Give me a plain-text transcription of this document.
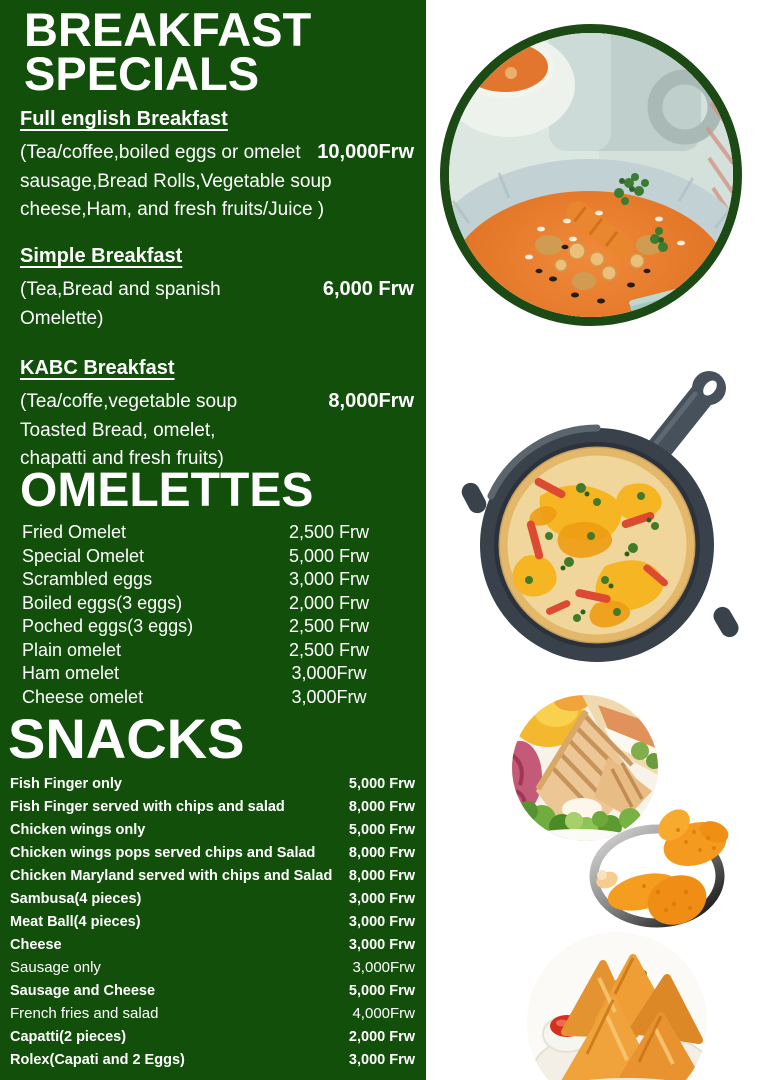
BREAKFAST
SPECIALS
Full english Breakfast
(Tea/coffee,boiled eggs or omelet
sausage,Bread Rolls,Vegetable soup
cheese,Ham, and fresh fruits/Juice )
10,000Frw
Simple Breakfast
(Tea,Bread and spanish
Omelette)
6,000 Frw
KABC Breakfast
(Tea/coffe,vegetable soup
Toasted Bread, omelet,
chapatti and fresh fruits)
8,000Frw
OMELETTES
Fried Omelet	2,500 Frw
Special Omelet	5,000 Frw
Scrambled eggs	3,000 Frw
Boiled eggs(3 eggs)	2,000 Frw
Poched eggs(3 eggs)	2,500 Frw
Plain omelet	2,500 Frw
Ham omelet	3,000Frw
Cheese omelet	3,000Frw
SNACKS
Fish Finger only	5,000 Frw
Fish Finger served with chips and salad	8,000 Frw
Chicken wings only	5,000 Frw
Chicken wings pops served chips and Salad	8,000 Frw
Chicken Maryland served with chips and Salad	8,000 Frw
Sambusa(4 pieces)	3,000 Frw
Meat Ball(4 pieces)	3,000 Frw
Cheese	3,000 Frw
Sausage only	3,000Frw
Sausage and Cheese	5,000 Frw
French fries and salad	4,000Frw
Capatti(2 pieces)	2,000 Frw
Rolex(Capati and 2 Eggs)	3,000 Frw
